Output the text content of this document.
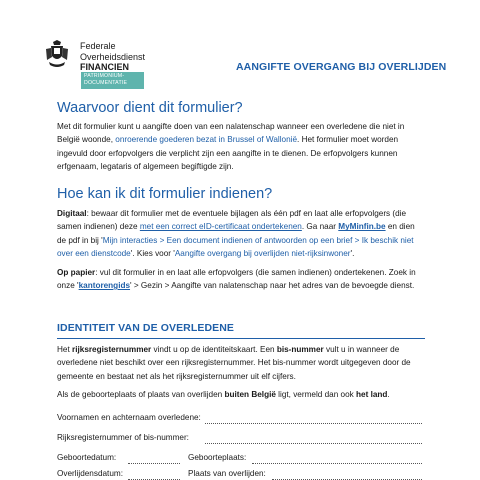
Federale
Overheidsdienst
FINANCIEN
PATRIMONIUM-
DOCUMENTATIE
AANGIFTE OVERGANG BIJ OVERLIJDEN
Waarvoor dient dit formulier?

Met dit formulier kunt u aangifte doen van een nalatenschap wanneer een overledene die niet in België woonde, onroerende goederen bezat in Brussel of Wallonië. Het formulier moet worden ingevuld door erfopvolgers die verplicht zijn een aangifte in te dienen. De erfopvolgers kunnen erfgenaam, legataris of algemeen begiftigde zijn.

Hoe kan ik dit formulier indienen?

Digitaal: bewaar dit formulier met de eventuele bijlagen als één pdf en laat alle erfopvolgers (die samen indienen) deze met een correct eID-certificaat ondertekenen. Ga naar MyMinfin.be en dien de pdf in bij 'Mijn interacties > Een document indienen of antwoorden op een brief > Ik beschik niet over een dienstcode'. Kies voor 'Aangifte overgang bij overlijden niet-rijksinwoner'.

Op papier: vul dit formulier in en laat alle erfopvolgers (die samen indienen) ondertekenen. Zoek in onze 'kantorengids' > Gezin > Aangifte van nalatenschap naar het adres van de bevoegde dienst.

IDENTITEIT VAN DE OVERLEDENE

Het rijksregisternummer vindt u op de identiteitskaart. Een bis-nummer vult u in wanneer de overledene niet beschikt over een rijksregisternummer. Het bis-nummer wordt uitgegeven door de gemeente en bestaat net als het rijksregisternummer uit elf cijfers.

Als de geboorteplaats of plaats van overlijden buiten België ligt, vermeld dan ook het land.

Voornamen en achternaam overledene:
Rijksregisternummer of bis-nummer:
Geboortedatum:	Geboorteplaats:
Overlijdensdatum:	Plaats van overlijden:
